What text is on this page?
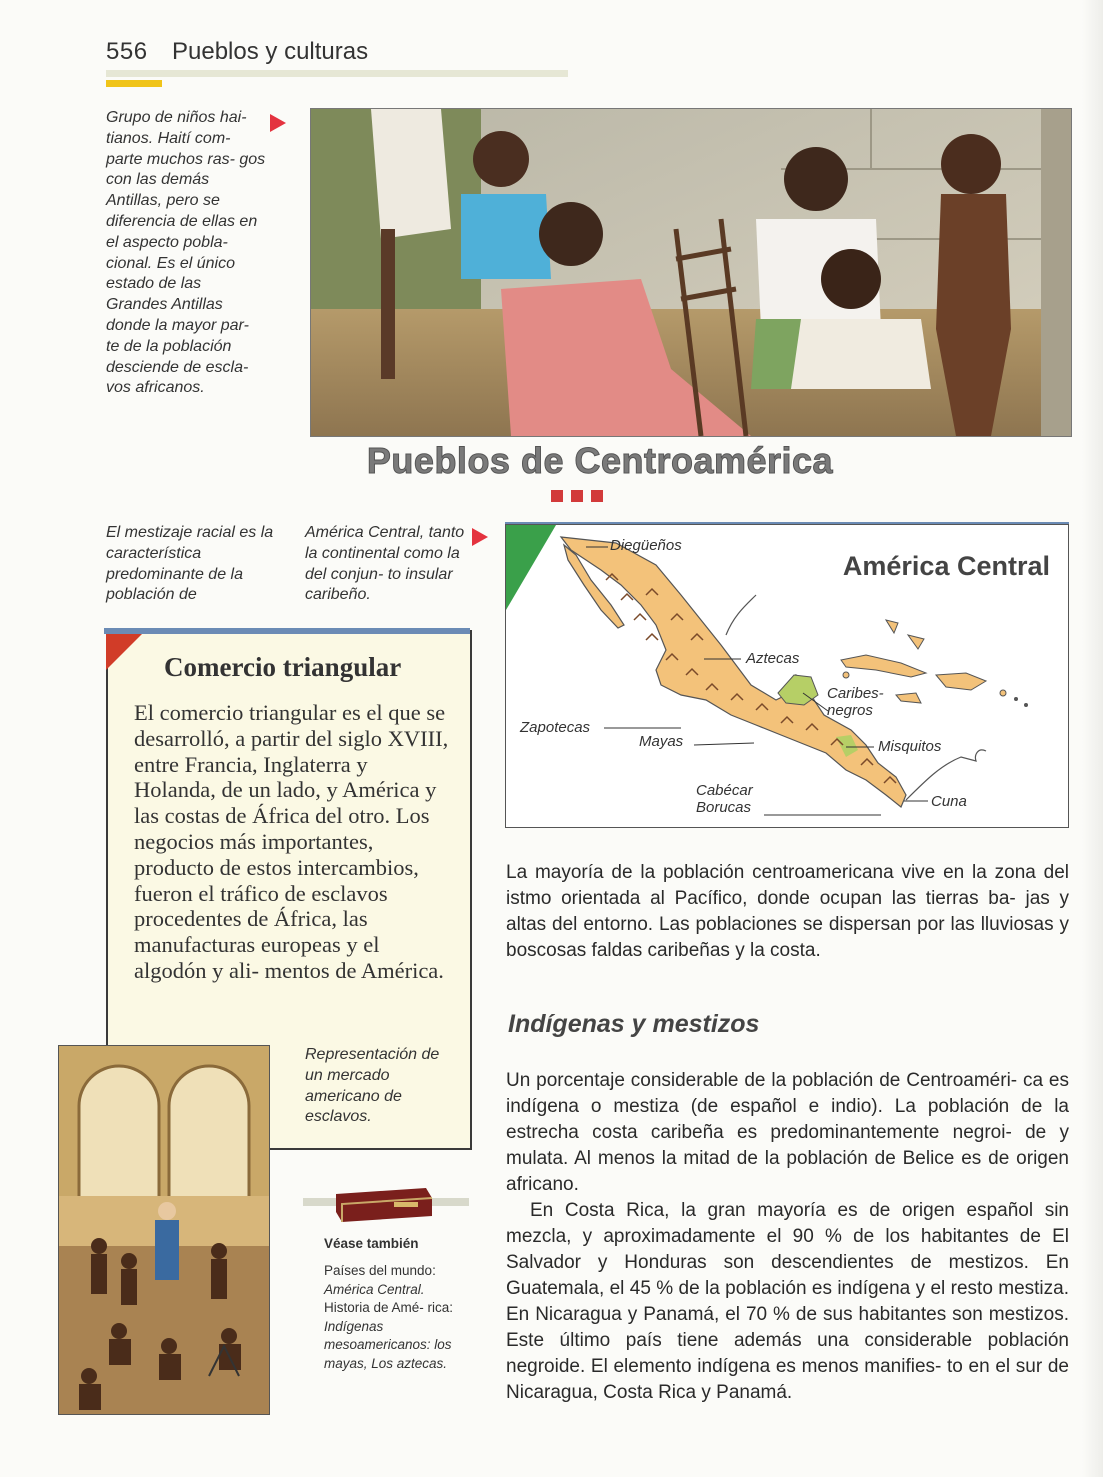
556 Pueblos y culturas
Grupo de niños hai- tianos. Haití com- parte muchos ras- gos con las demás Antillas, pero se diferencia de ellas en el aspecto pobla- cional. Es el único estado de las Grandes Antillas donde la mayor par- te de la población desciende de escla- vos africanos.
Pueblos de Centroamérica
El mestizaje racial es la característica predominante de la población de
América Central, tanto la continental como la del conjun- to insular caribeño.
América Central
Diegüeños
Aztecas
Caribes-
negros
Zapotecas
Mayas	Misquitos
Cabécar
Borucas	Cuna
La mayoría de la población centroamericana vive en la zona del istmo orientada al Pacífico, donde ocupan las tierras ba- jas y altas del entorno. Las poblaciones se dispersan por las lluviosas y boscosas faldas caribeñas y la costa.
Indígenas y mestizos
Un porcentaje considerable de la población de Centroaméri- ca es indígena o mestiza (de español e indio). La población de la estrecha costa caribeña es predominantemente negroi- de y mulata. Al menos la mitad de la población de Belice es de origen africano.
En Costa Rica, la gran mayoría es de origen español sin mezcla, y aproximadamente el 90 % de los habitantes de El Salvador y Honduras son descendientes de mestizos. En Guatemala, el 45 % de la población es indígena y el resto mestiza. En Nicaragua y Panamá, el 70 % de sus habitantes son mestizos. Este último país tiene además una considerable población negroide. El elemento indígena es menos manifies- to en el sur de Nicaragua, Costa Rica y Panamá.
Comercio triangular
El comercio triangular es el que se desarrolló, a partir del siglo XVIII, entre Francia, Inglaterra y Holanda, de un lado, y América y las costas de África del otro. Los negocios más importantes, producto de estos intercambios, fueron el tráfico de esclavos procedentes de África, las manufacturas europeas y el algodón y ali- mentos de América.
Representación de un mercado americano de esclavos.
Véase también
Países del mundo:
América Central.
Historia de Amé- rica:
Indígenas mesoamericanos: los mayas, Los aztecas.
